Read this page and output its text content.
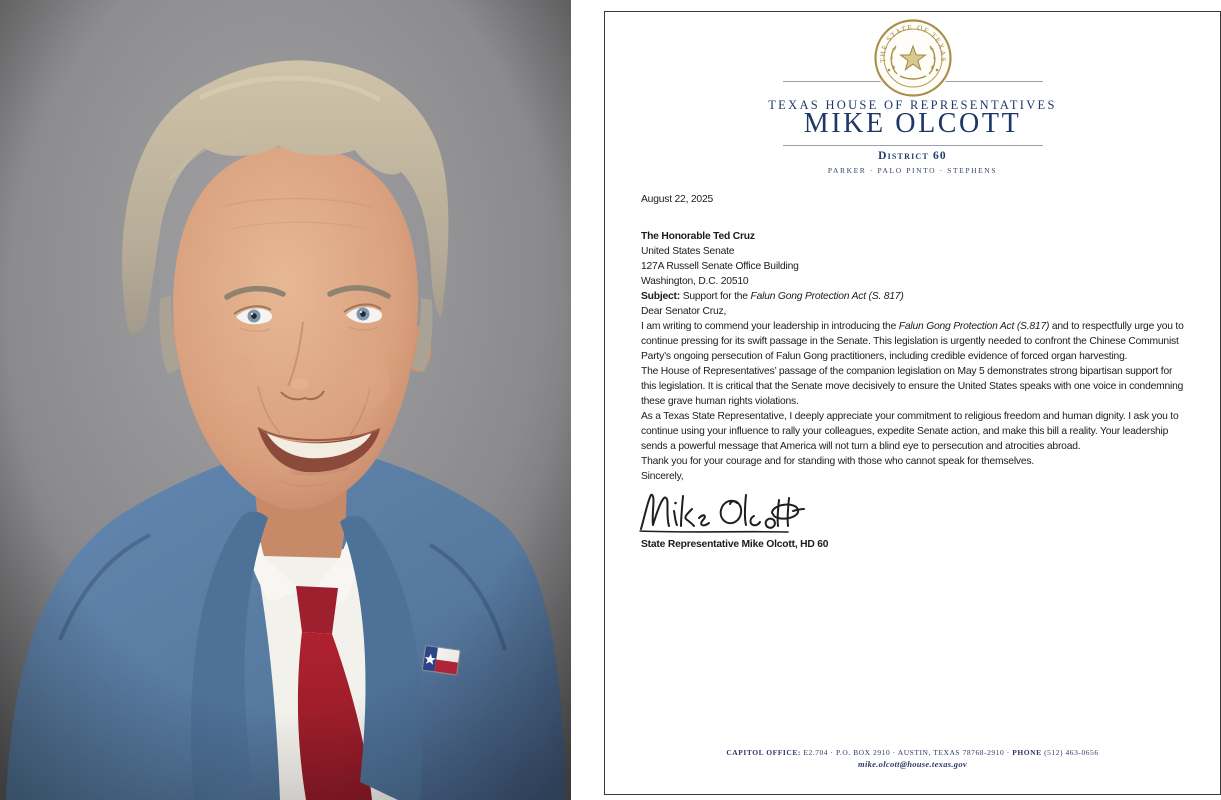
THE STATE OF TEXAS
TEXAS HOUSE OF REPRESENTATIVES
MIKE OLCOTT
District 60
PARKER · PALO PINTO · STEPHENS

August 22, 2025

The Honorable Ted Cruz

United States Senate

127A Russell Senate Office Building

Washington, D.C. 20510

Subject: Support for the Falun Gong Protection Act (S. 817)

Dear Senator Cruz,

I am writing to commend your leadership in introducing the Falun Gong Protection Act (S.817) and to respectfully urge you to continue pressing for its swift passage in the Senate. This legislation is urgently needed to confront the Chinese Communist Party’s ongoing persecution of Falun Gong practitioners, including credible evidence of forced organ harvesting.

The House of Representatives’ passage of the companion legislation on May 5 demonstrates strong bipartisan support for this legislation. It is critical that the Senate move decisively to ensure the United States speaks with one voice in condemning these grave human rights violations.

As a Texas State Representative, I deeply appreciate your commitment to religious freedom and human dignity. I ask you to continue using your influence to rally your colleagues, expedite Senate action, and make this bill a reality. Your leadership sends a powerful message that America will not turn a blind eye to persecution and atrocities abroad.

Thank you for your courage and for standing with those who cannot speak for themselves.

Sincerely,

State Representative Mike Olcott, HD 60

CAPITOL OFFICE: E2.704 · P.O. BOX 2910 · AUSTIN, TEXAS 78768-2910 · PHONE (512) 463-0656
mike.olcott@house.texas.gov
